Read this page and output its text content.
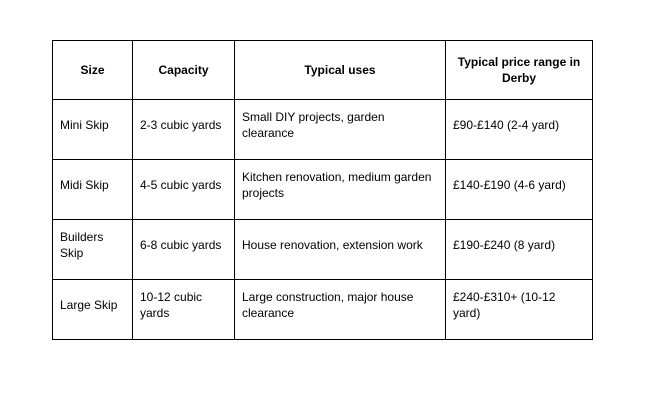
Size	Capacity	Typical uses	Typical price range in Derby

Mini Skip	2-3 cubic yards	Small DIY projects, garden clearance	£90-£140 (2-4 yard)

Midi Skip	4-5 cubic yards	Kitchen renovation, medium garden projects	£140-£190 (4-6 yard)

Builders Skip	6-8 cubic yards	House renovation, extension work	£190-£240 (8 yard)

Large Skip	10-12 cubic yards	Large construction, major house clearance	£240-£310+ (10-12 yard)
